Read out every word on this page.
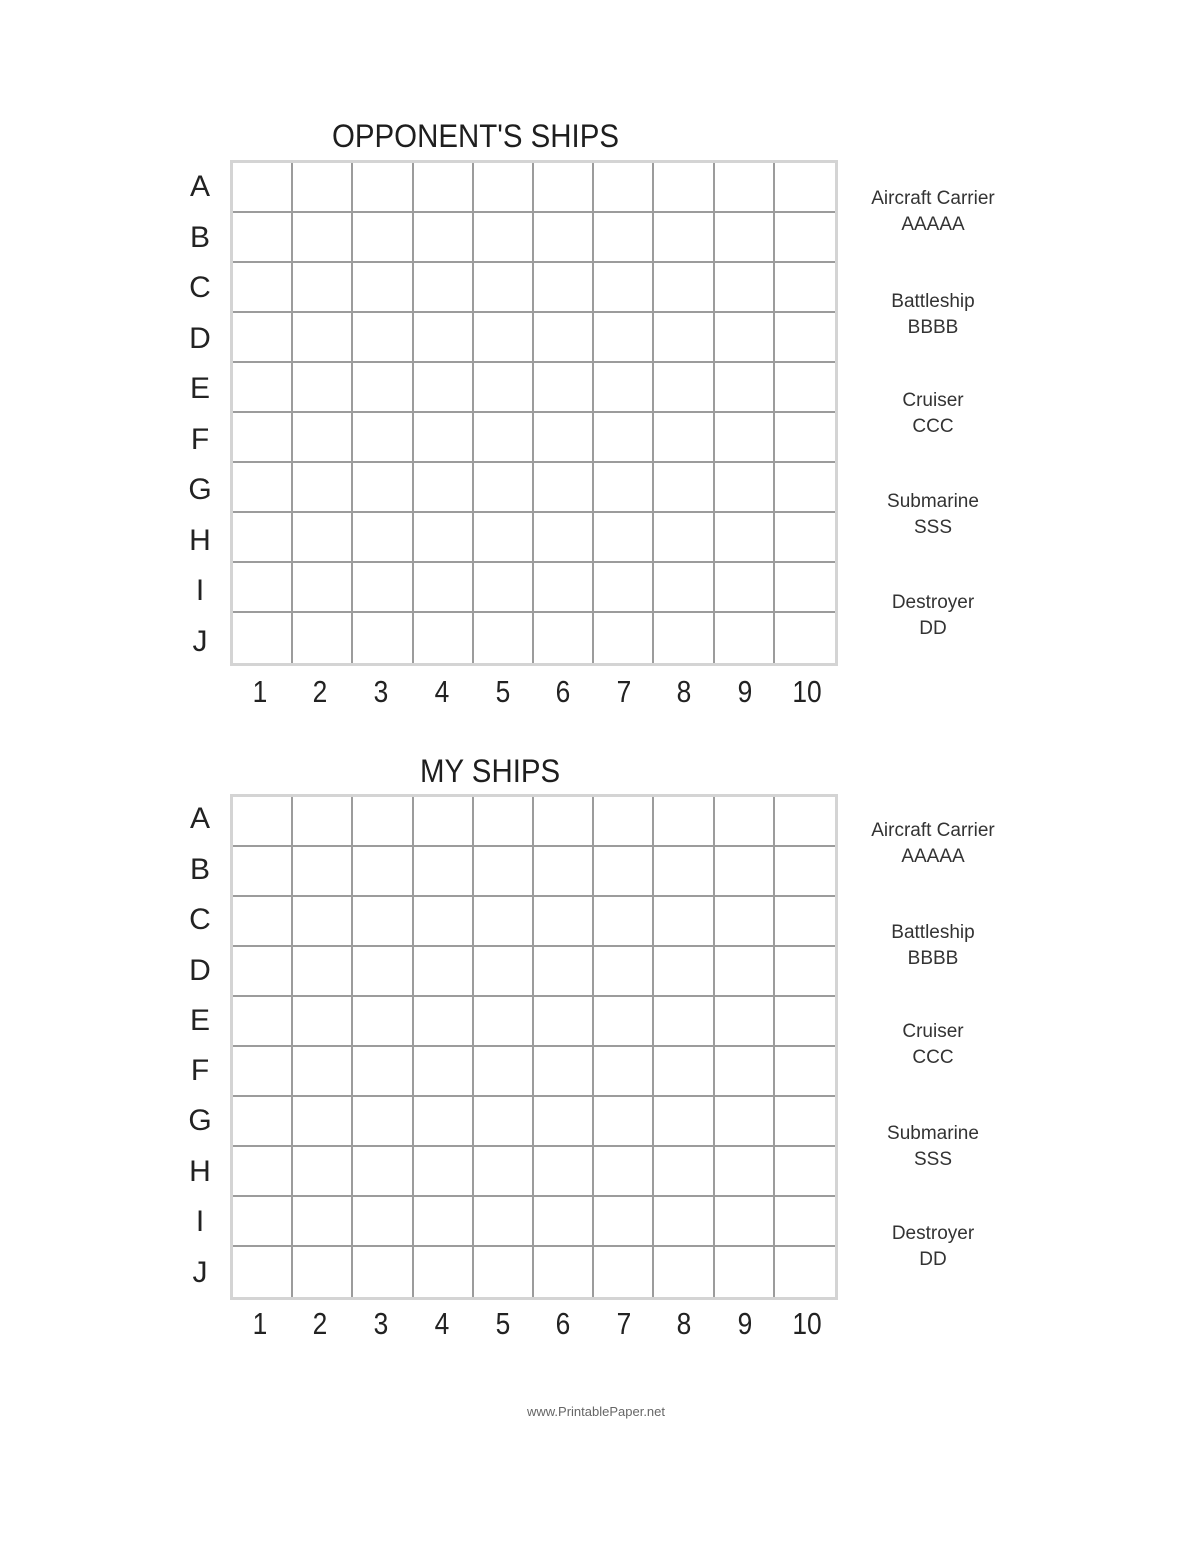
OPPONENT'S SHIPS
A
B
C
D
E
F
G
H
I
J
1	2	3	4	5	6	7	8	9	10
Aircraft Carrier
AAAAA
Battleship
BBBB
Cruiser
CCC
Submarine
SSS
Destroyer
DD
MY SHIPS
A
B
C
D
E
F
G
H
I
J
1	2	3	4	5	6	7	8	9	10
Aircraft Carrier
AAAAA
Battleship
BBBB
Cruiser
CCC
Submarine
SSS
Destroyer
DD
www.PrintablePaper.net
